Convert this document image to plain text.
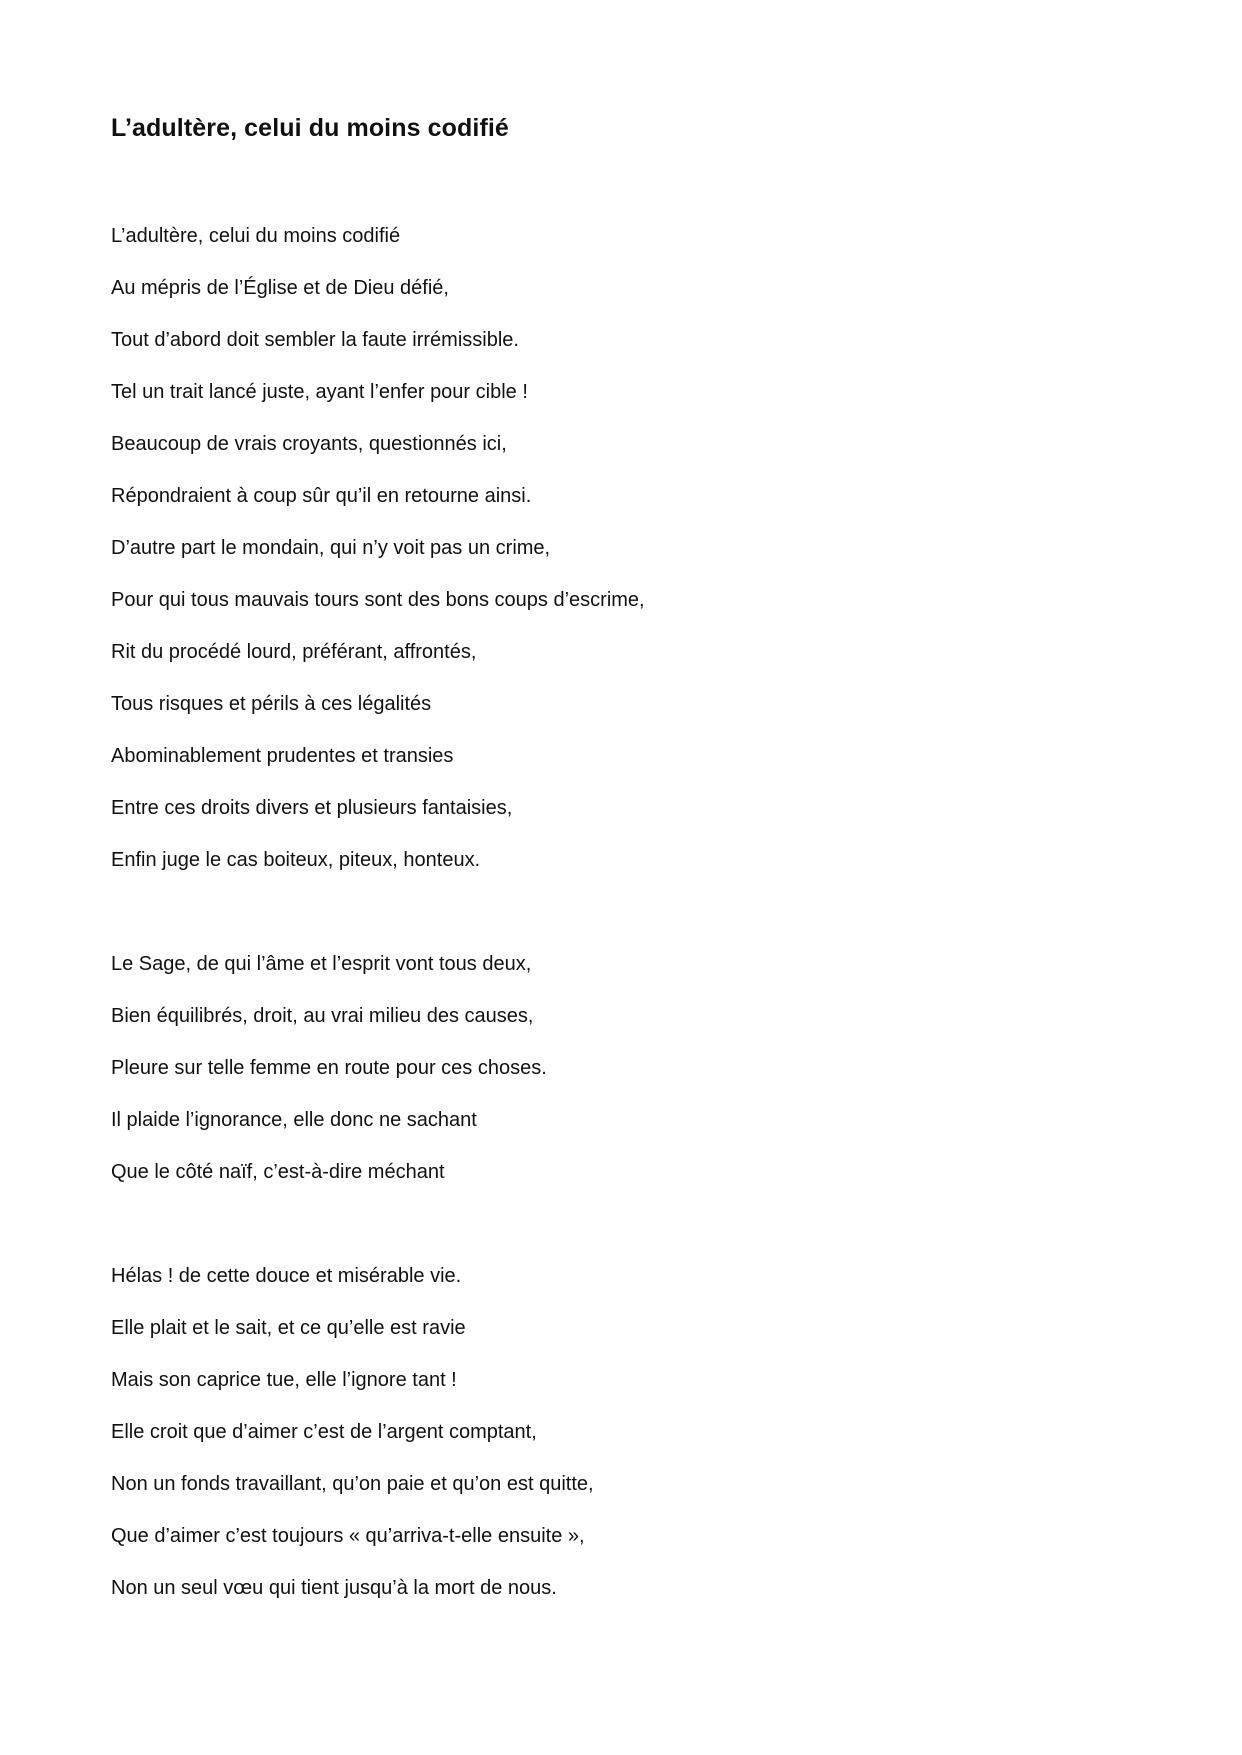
L’adultère, celui du moins codifié
L’adultère, celui du moins codifié
Au mépris de l’Église et de Dieu défié,
Tout d’abord doit sembler la faute irrémissible.
Tel un trait lancé juste, ayant l’enfer pour cible !
Beaucoup de vrais croyants, questionnés ici,
Répondraient à coup sûr qu’il en retourne ainsi.
D’autre part le mondain, qui n’y voit pas un crime,
Pour qui tous mauvais tours sont des bons coups d’escrime,
Rit du procédé lourd, préférant, affrontés,
Tous risques et périls à ces légalités
Abominablement prudentes et transies
Entre ces droits divers et plusieurs fantaisies,
Enfin juge le cas boiteux, piteux, honteux.
Le Sage, de qui l’âme et l’esprit vont tous deux,
Bien équilibrés, droit, au vrai milieu des causes,
Pleure sur telle femme en route pour ces choses.
Il plaide l’ignorance, elle donc ne sachant
Que le côté naïf, c’est-à-dire méchant
Hélas ! de cette douce et misérable vie.
Elle plait et le sait, et ce qu’elle est ravie
Mais son caprice tue, elle l’ignore tant !
Elle croit que d’aimer c’est de l’argent comptant,
Non un fonds travaillant, qu’on paie et qu’on est quitte,
Que d’aimer c’est toujours « qu’arriva-t-elle ensuite »,
Non un seul vœu qui tient jusqu’à la mort de nous.
